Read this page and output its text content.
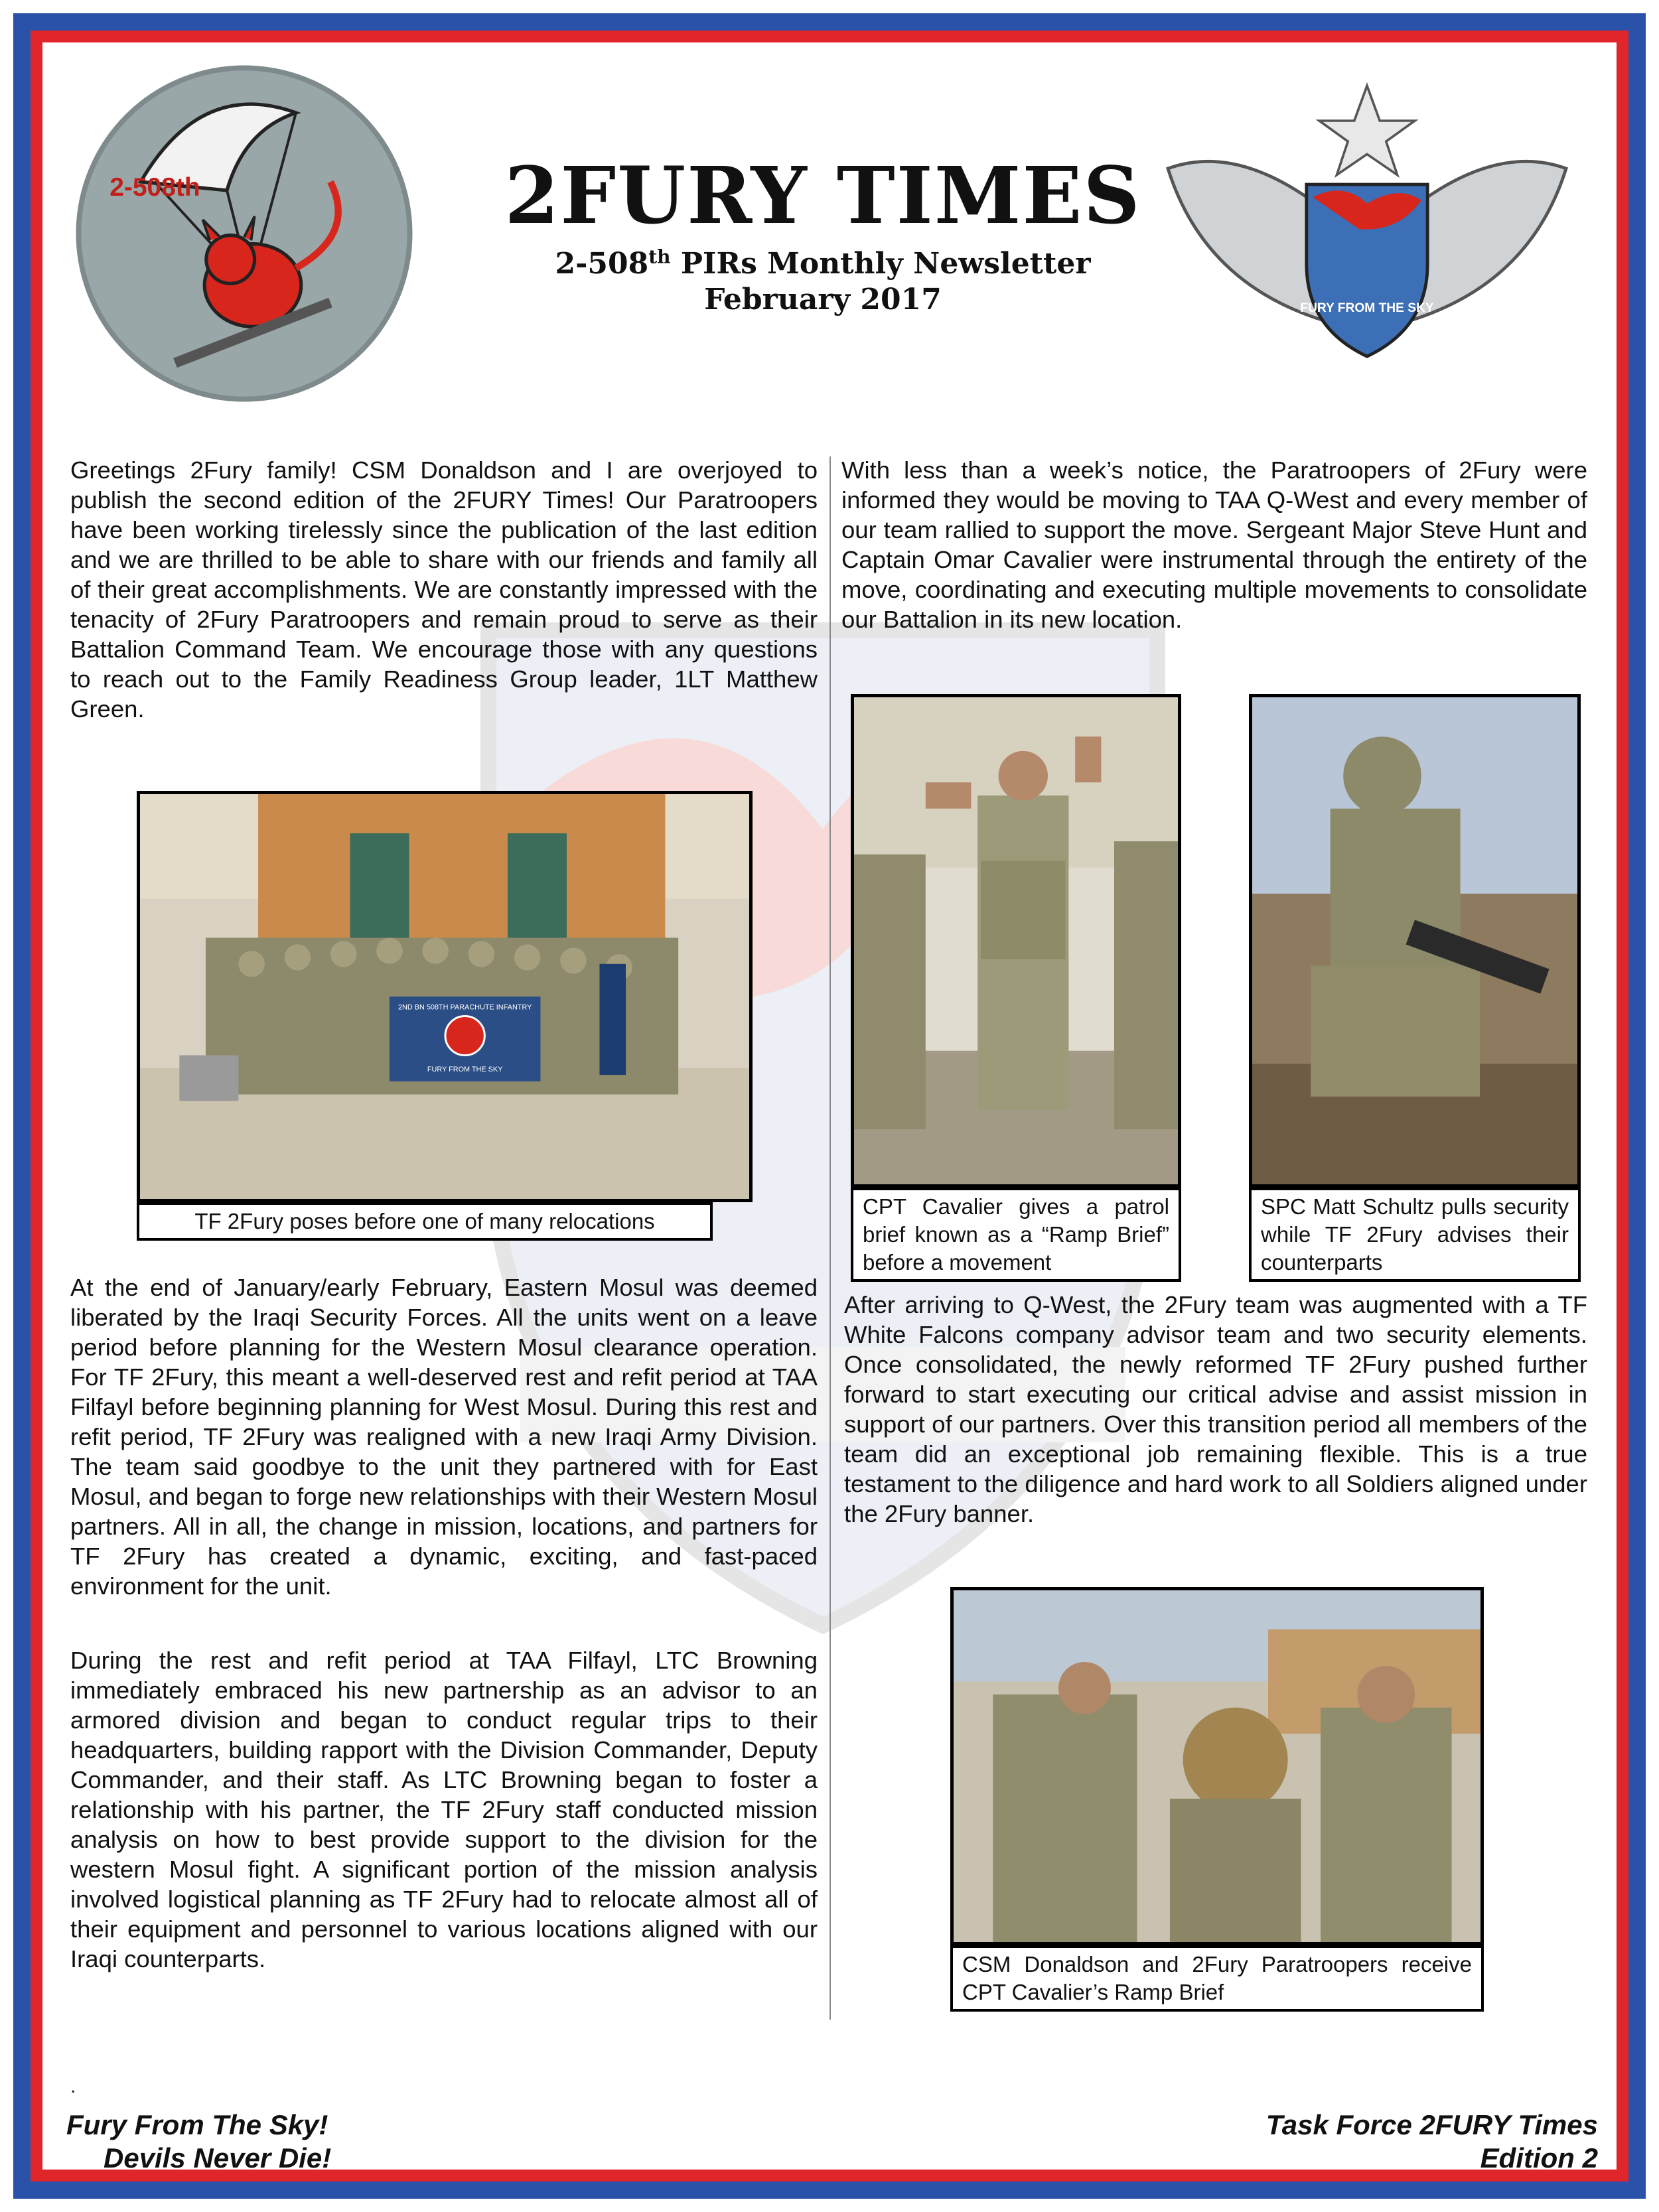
2-508th
FURY FROM THE SKY
2FURY TIMES
2-508th PIRs Monthly Newsletter
February 2017

Greetings 2Fury family! CSM Donaldson and I are overjoyed to publish the second edition of the 2FURY Times! Our Paratroopers have been working tirelessly since the publication of the last edition and we are thrilled to be able to share with our friends and family all of their great accomplishments. We are constantly impressed with the tenacity of 2Fury Paratroopers and remain proud to serve as their Battalion Command Team. We encourage those with any questions to reach out to the Family Readiness Group leader, 1LT Matthew Green.

2ND BN 508TH PARACHUTE INFANTRY
FURY FROM THE SKY
TF 2Fury poses before one of many relocations

At the end of January/early February, Eastern Mosul was deemed liberated by the Iraqi Security Forces. All the units went on a leave period before planning for the Western Mosul clearance operation. For TF 2Fury, this meant a well-deserved rest and refit period at TAA Filfayl before beginning planning for West Mosul. During this rest and refit period, TF 2Fury was realigned with a new Iraqi Army Division. The team said goodbye to the unit they partnered with for East Mosul, and began to forge new relationships with their Western Mosul partners. All in all, the change in mission, locations, and partners for TF 2Fury has created a dynamic, exciting, and fast-paced environment for the unit.

During the rest and refit period at TAA Filfayl, LTC Browning immediately embraced his new partnership as an advisor to an armored division and began to conduct regular trips to their headquarters, building rapport with the Division Commander, Deputy Commander, and their staff. As LTC Browning began to foster a relationship with his partner, the TF 2Fury staff conducted mission analysis on how to best provide support to the division for the western Mosul fight. A significant portion of the mission analysis involved logistical planning as TF 2Fury had to relocate almost all of their equipment and personnel to various locations aligned with our Iraqi counterparts.

With less than a week’s notice, the Paratroopers of 2Fury were informed they would be moving to TAA Q-West and every member of our team rallied to support the move. Sergeant Major Steve Hunt and Captain Omar Cavalier were instrumental through the entirety of the move, coordinating and executing multiple movements to consolidate our Battalion in its new location.

CPT Cavalier gives a patrol brief known as a “Ramp Brief” before a movement
SPC Matt Schultz pulls security while TF 2Fury advises their counterparts

After arriving to Q-West, the 2Fury team was augmented with a TF White Falcons company advisor team and two security elements. Once consolidated, the newly reformed TF 2Fury pushed further forward to start executing our critical advise and assist mission in support of our partners. Over this transition period all members of the team did an exceptional job remaining flexible. This is a true testament to the diligence and hard work to all Soldiers aligned under the 2Fury banner.

CSM Donaldson and 2Fury Paratroopers receive CPT Cavalier’s Ramp Brief
.
Fury From The Sky!
Devils Never Die!
Task Force 2FURY Times
Edition 2
